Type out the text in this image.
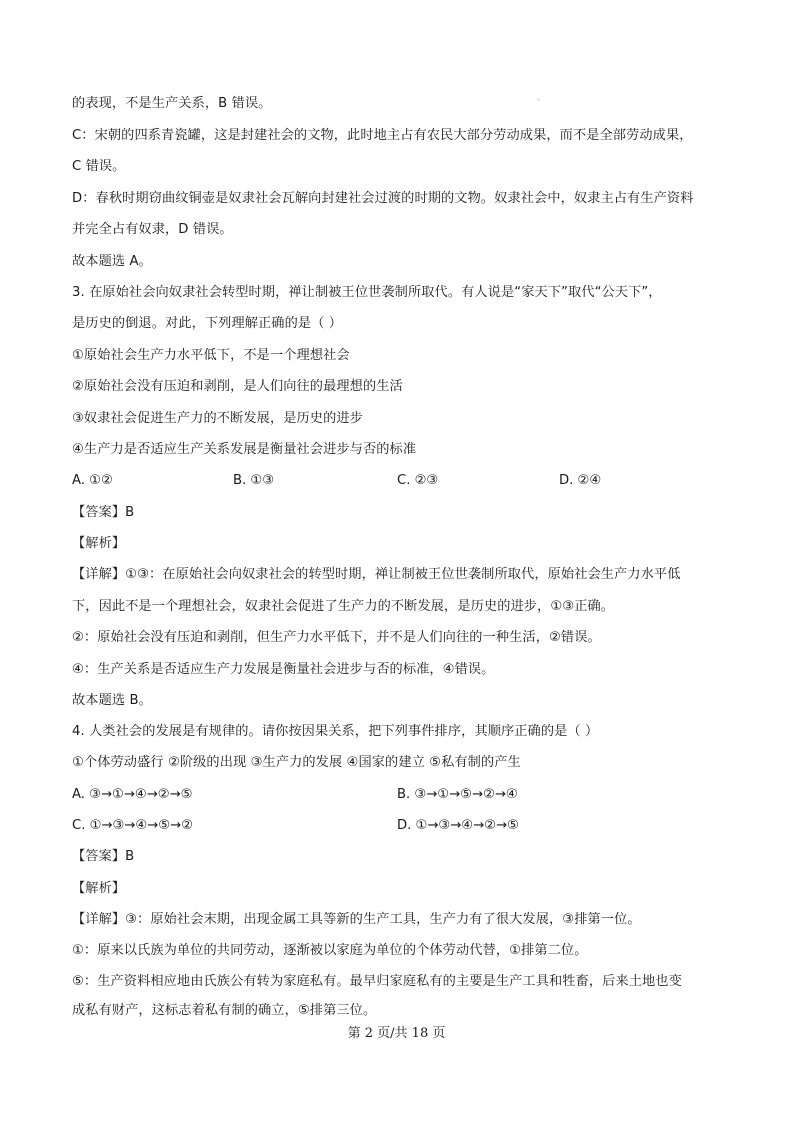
的表现，不是生产关系，B 错误。
C：宋朝的四系青瓷罐，这是封建社会的文物，此时地主占有农民大部分劳动成果，而不是全部劳动成果，
C 错误。
D：春秋时期窃曲纹铜壶是奴隶社会瓦解向封建社会过渡的时期的文物。奴隶社会中，奴隶主占有生产资料
并完全占有奴隶，D 错误。
故本题选 A。
3. 在原始社会向奴隶社会转型时期，禅让制被王位世袭制所取代。有人说是“家天下”取代“公天下”，
是历史的倒退。对此，下列理解正确的是（ ）
①原始社会生产力水平低下，不是一个理想社会
②原始社会没有压迫和剥削，是人们向往的最理想的生活
③奴隶社会促进生产力的不断发展，是历史的进步
④生产力是否适应生产关系发展是衡量社会进步与否的标准
A. ①②	B. ①③	C. ②③	D. ②④
【答案】B
【解析】
【详解】①③：在原始社会向奴隶社会的转型时期，禅让制被王位世袭制所取代，原始社会生产力水平低
下，因此不是一个理想社会，奴隶社会促进了生产力的不断发展，是历史的进步，①③正确。
②：原始社会没有压迫和剥削，但生产力水平低下，并不是人们向往的一种生活，②错误。
④：生产关系是否适应生产力发展是衡量社会进步与否的标准，④错误。
故本题选 B。
4. 人类社会的发展是有规律的。请你按因果关系，把下列事件排序，其顺序正确的是（ ）
①个体劳动盛行 ②阶级的出现 ③生产力的发展 ④国家的建立 ⑤私有制的产生
A. ③→①→④→②→⑤	B. ③→①→⑤→②→④
C. ①→③→④→⑤→②	D. ①→③→④→②→⑤
【答案】B
【解析】
【详解】③：原始社会末期，出现金属工具等新的生产工具，生产力有了很大发展，③排第一位。
①：原来以氏族为单位的共同劳动，逐渐被以家庭为单位的个体劳动代替，①排第二位。
⑤：生产资料相应地由氏族公有转为家庭私有。最早归家庭私有的主要是生产工具和牲畜，后来土地也变
成私有财产，这标志着私有制的确立，⑤排第三位。
第 2 页/共 18 页
